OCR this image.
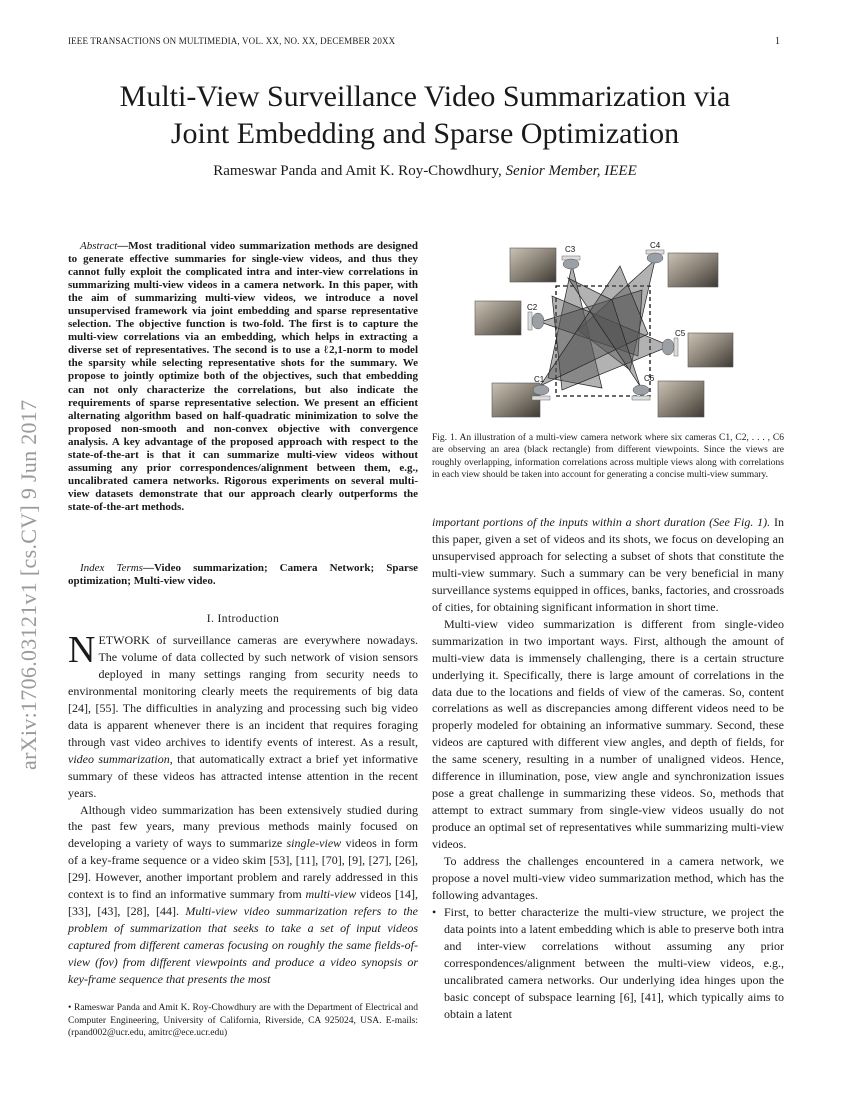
IEEE TRANSACTIONS ON MULTIMEDIA, VOL. XX, NO. XX, DECEMBER 20XX	1
Multi-View Surveillance Video Summarization via
Joint Embedding and Sparse Optimization
Rameswar Panda and Amit K. Roy-Chowdhury, Senior Member, IEEE
arXiv:1706.03121v1 [cs.CV] 9 Jun 2017
Abstract—Most traditional video summarization methods are designed to generate effective summaries for single-view videos, and thus they cannot fully exploit the complicated intra and inter-view correlations in summarizing multi-view videos in a camera network. In this paper, with the aim of summarizing multi-view videos, we introduce a novel unsupervised framework via joint embedding and sparse representative selection. The objective function is two-fold. The first is to capture the multi-view correlations via an embedding, which helps in extracting a diverse set of representatives. The second is to use a ℓ2,1-norm to model the sparsity while selecting representative shots for the summary. We propose to jointly optimize both of the objectives, such that embedding can not only characterize the correlations, but also indicate the requirements of sparse representative selection. We present an efficient alternating algorithm based on half-quadratic minimization to solve the proposed non-smooth and non-convex objective with convergence analysis. A key advantage of the proposed approach with respect to the state-of-the-art is that it can summarize multi-view videos without assuming any prior correspondences/alignment between them, e.g., uncalibrated camera networks. Rigorous experiments on several multi-view datasets demonstrate that our approach clearly outperforms the state-of-the-art methods.
Index Terms—Video summarization; Camera Network; Sparse optimization; Multi-view video.
I. Introduction

NETWORK of surveillance cameras are everywhere nowadays. The volume of data collected by such network of vision sensors deployed in many settings ranging from security needs to environmental monitoring clearly meets the requirements of big data [24], [55]. The difficulties in analyzing and processing such big video data is apparent whenever there is an incident that requires foraging through vast video archives to identify events of interest. As a result, video summarization, that automatically extract a brief yet informative summary of these videos has attracted intense attention in the recent years.

Although video summarization has been extensively studied during the past few years, many previous methods mainly focused on developing a variety of ways to summarize single-view videos in form of a key-frame sequence or a video skim [53], [11], [70], [9], [27], [26], [29]. However, another important problem and rarely addressed in this context is to find an informative summary from multi-view videos [14], [33], [43], [28], [44]. Multi-view video summarization refers to the problem of summarization that seeks to take a set of input videos captured from different cameras focusing on roughly the same fields-of-view (fov) from different viewpoints and produce a video synopsis or key-frame sequence that presents the most

• Rameswar Panda and Amit K. Roy-Chowdhury are with the Department of Electrical and Computer Engineering, University of California, Riverside, CA 925024, USA. E-mails: (rpand002@ucr.edu, amitrc@ece.ucr.edu)
C3	C4
C2
C5
C1	C6
Fig. 1. An illustration of a multi-view camera network where six cameras C1, C2, . . . , C6 are observing an area (black rectangle) from different viewpoints. Since the views are roughly overlapping, information correlations across multiple views along with correlations in each view should be taken into account for generating a concise multi-view summary.

important portions of the inputs within a short duration (See Fig. 1). In this paper, given a set of videos and its shots, we focus on developing an unsupervised approach for selecting a subset of shots that constitute the multi-view summary. Such a summary can be very beneficial in many surveillance systems equipped in offices, banks, factories, and crossroads of cities, for obtaining significant information in short time.

Multi-view video summarization is different from single-video summarization in two important ways. First, although the amount of multi-view data is immensely challenging, there is a certain structure underlying it. Specifically, there is large amount of correlations in the data due to the locations and fields of view of the cameras. So, content correlations as well as discrepancies among different videos need to be properly modeled for obtaining an informative summary. Second, these videos are captured with different view angles, and depth of fields, for the same scenery, resulting in a number of unaligned videos. Hence, difference in illumination, pose, view angle and synchronization issues pose a great challenge in summarizing these videos. So, methods that attempt to extract summary from single-view videos usually do not produce an optimal set of representatives while summarizing multi-view videos.

To address the challenges encountered in a camera network, we propose a novel multi-view video summarization method, which has the following advantages.

• First, to better characterize the multi-view structure, we project the data points into a latent embedding which is able to preserve both intra and inter-view correlations without assuming any prior correspondences/alignment between the multi-view videos, e.g., uncalibrated camera networks. Our underlying idea hinges upon the basic concept of subspace learning [6], [41], which typically aims to obtain a latent
